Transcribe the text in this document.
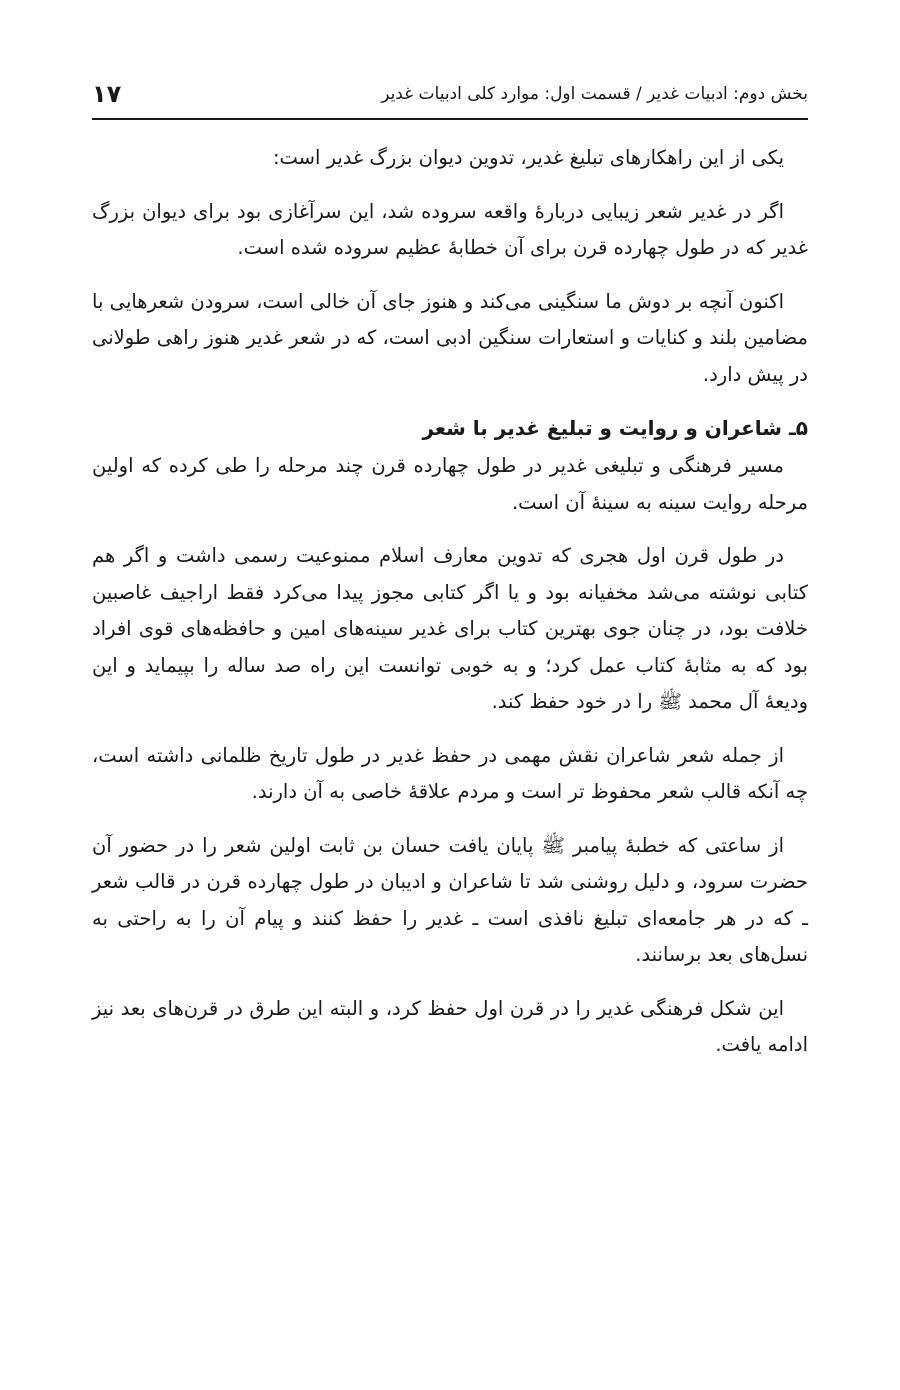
بخش دوم: ادبیات غدیر / قسمت اول: موارد کلی ادبیات غدیر
۱۷

یکی از این راهکارهای تبلیغ غدیر، تدوین دیوان بزرگ غدیر است:

اگر در غدیر شعر زیبایی دربارهٔ واقعه سروده شد، این سرآغازی بود برای دیوان بزرگ غدیر که در طول چهارده قرن برای آن خطابهٔ عظیم سروده شده است.

اکنون آنچه بر دوش ما سنگینی می‌کند و هنوز جای آن خالی است، سرودن شعرهایی با مضامین بلند و کنایات و استعارات سنگین ادبی است، که در شعر غدیر هنوز راهی طولانی در پیش دارد.

۵ـ شاعران و روایت و تبلیغ غدیر با شعر

مسیر فرهنگی و تبلیغی غدیر در طول چهارده قرن چند مرحله را طی کرده که اولین مرحله روایت سینه به سینهٔ آن است.

در طول قرن اول هجری که تدوین معارف اسلام ممنوعیت رسمی داشت و اگر هم کتابی نوشته می‌شد مخفیانه بود و یا اگر کتابی مجوز پیدا می‌کرد فقط اراجیف غاصبین خلافت بود، در چنان جوی بهترین کتاب برای غدیر سینه‌های امین و حافظه‌های قوی افراد بود که به مثابهٔ کتاب عمل کرد؛ و به خوبی توانست این راه صد ساله را بپیماید و این ودیعهٔ آل محمد ﷺ را در خود حفظ کند.

از جمله شعر شاعران نقش مهمی در حفظ غدیر در طول تاریخ ظلمانی داشته است، چه آنکه قالب شعر محفوظ تر است و مردم علاقهٔ خاصی به آن دارند.

از ساعتی که خطبهٔ پیامبر ﷺ پایان یافت حسان بن ثابت اولین شعر را در حضور آن حضرت سرود، و دلیل روشنی شد تا شاعران و ادیبان در طول چهارده قرن در قالب شعر ـ که در هر جامعه‌ای تبلیغ نافذی است ـ غدیر را حفظ کنند و پیام آن را به راحتی به نسل‌های بعد برسانند.

این شکل فرهنگی غدیر را در قرن اول حفظ کرد، و البته این طرق در قرن‌های بعد نیز ادامه یافت.
